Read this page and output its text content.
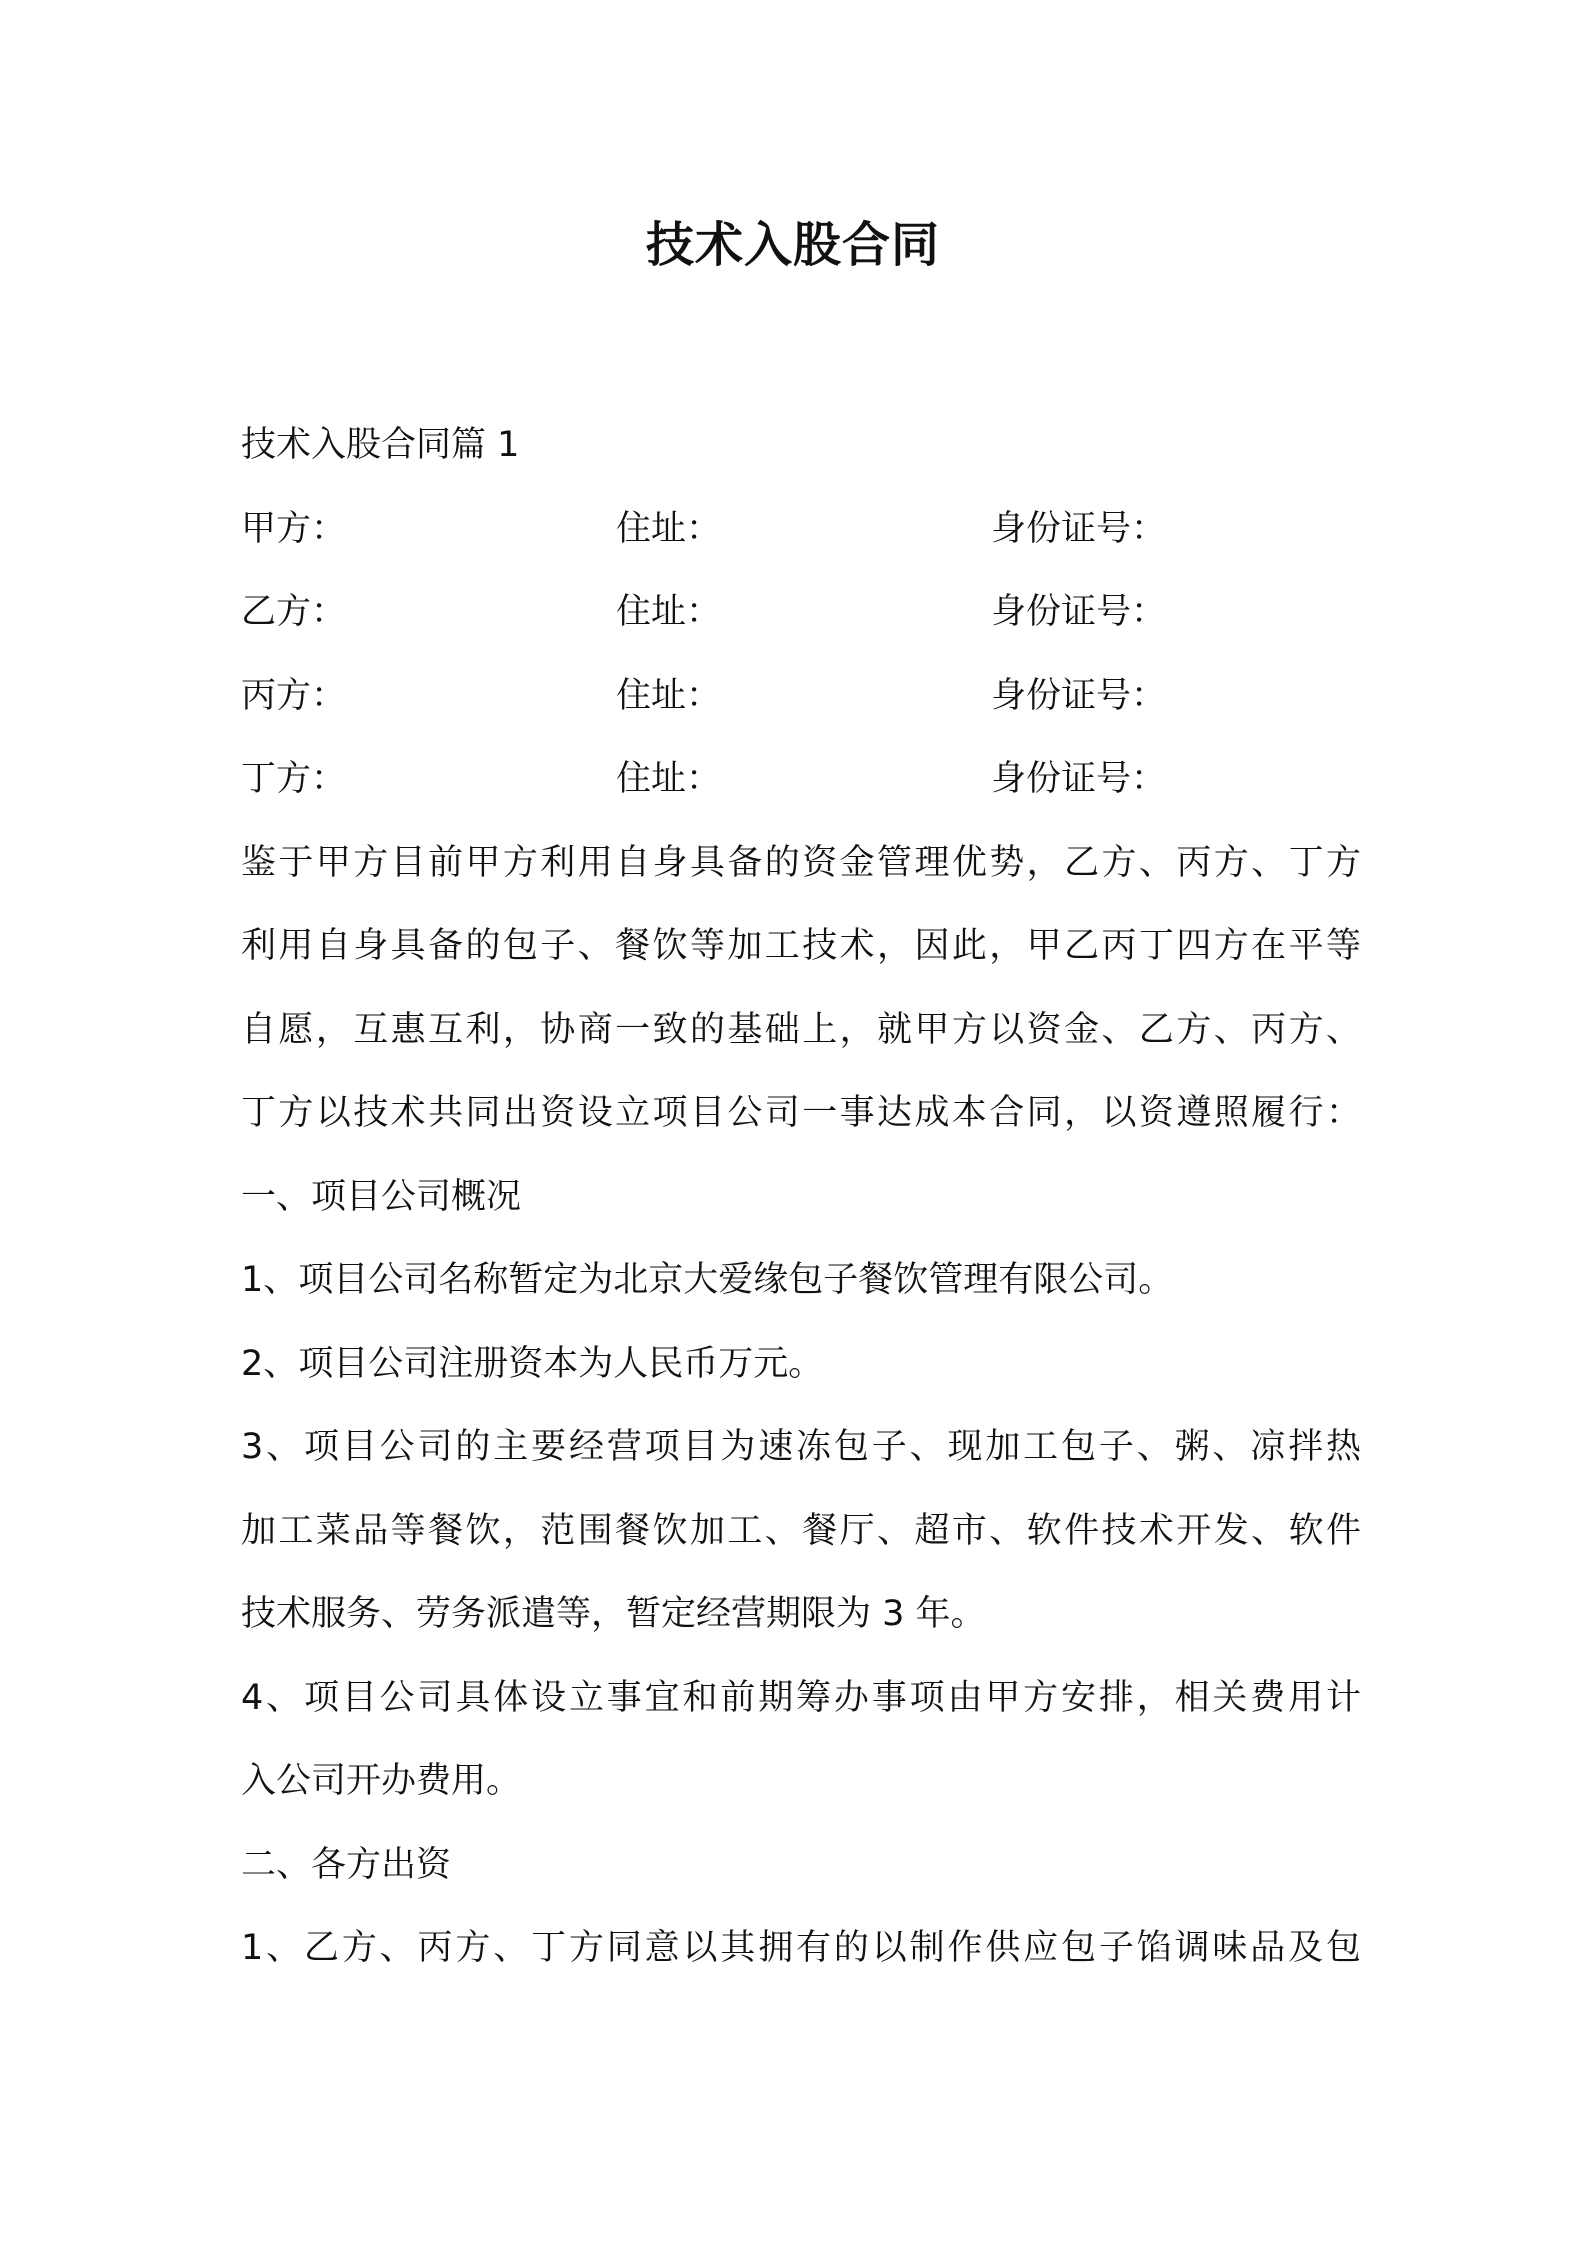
技术入股合同
技术入股合同篇 1
甲方：	住址：	身份证号：
乙方：	住址：	身份证号：
丙方：	住址：	身份证号：
丁方：	住址：	身份证号：
鉴于甲方目前甲方利用自身具备的资金管理优势，乙方、丙方、丁方
利用自身具备的包子、餐饮等加工技术，因此，甲乙丙丁四方在平等
自愿，互惠互利，协商一致的基础上，就甲方以资金、乙方、丙方、
丁方以技术共同出资设立项目公司一事达成本合同，以资遵照履行：
一、项目公司概况
1、项目公司名称暂定为北京大爱缘包子餐饮管理有限公司。
2、项目公司注册资本为人民币万元。
3、项目公司的主要经营项目为速冻包子、现加工包子、粥、凉拌热
加工菜品等餐饮，范围餐饮加工、餐厅、超市、软件技术开发、软件
技术服务、劳务派遣等，暂定经营期限为 3 年。
4、项目公司具体设立事宜和前期筹办事项由甲方安排，相关费用计
入公司开办费用。
二、各方出资
1、乙方、丙方、丁方同意以其拥有的以制作供应包子馅调味品及包
